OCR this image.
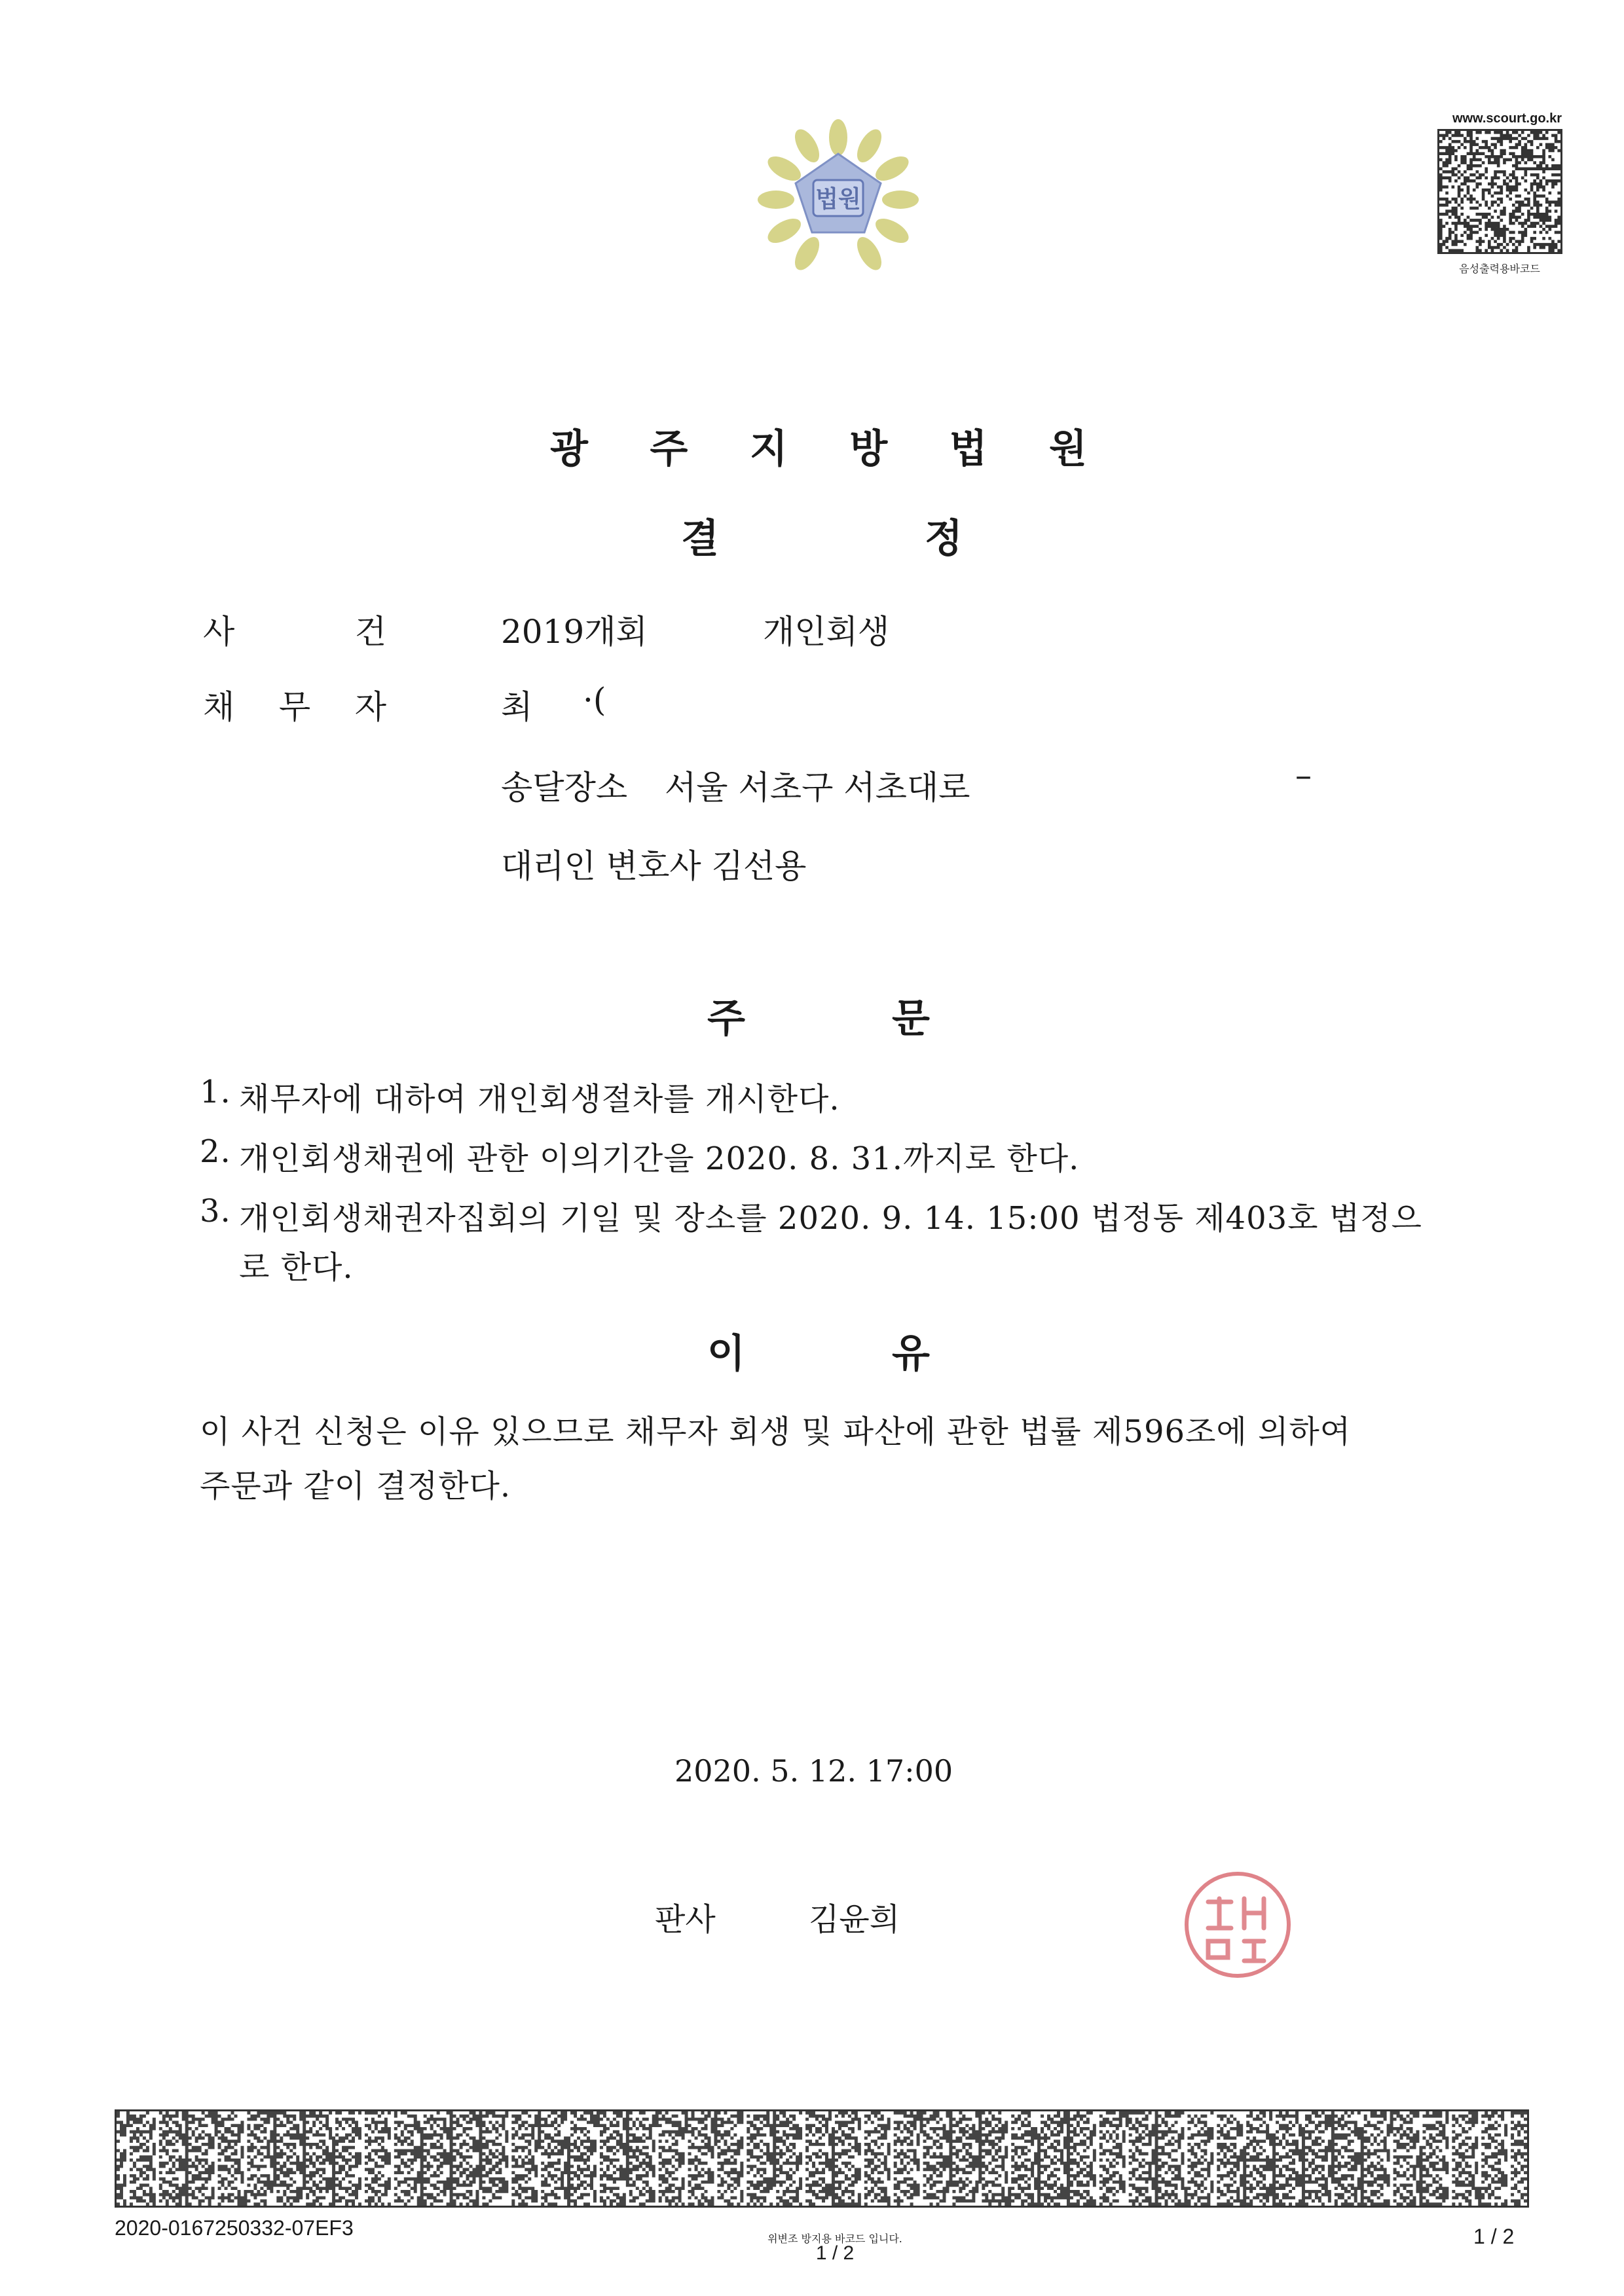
법원
www.scourt.go.kr
음성출력용바코드
광 주 지 방 법 원
결	정
사	건	2019개회	개인회생
채 무 자	최 ·(
송달장소 서울 서초구 서초대로	–
대리인 변호사 김선용
주	문
1. 채무자에 대하여 개인회생절차를 개시한다.
2. 개인회생채권에 관한 이의기간을 2020. 8. 31.까지로 한다.
3. 개인회생채권자집회의 기일 및 장소를 2020. 9. 14. 15:00 법정동 제403호 법정으
로 한다.
이	유
이 사건 신청은 이유 있으므로 채무자 회생 및 파산에 관한 법률 제596조에 의하여
주문과 같이 결정한다.
2020. 5. 12. 17:00
판사	김윤희
2020-0167250332-07EF3	위변조 방지용 바코드 입니다.
1 / 2
1 / 2
